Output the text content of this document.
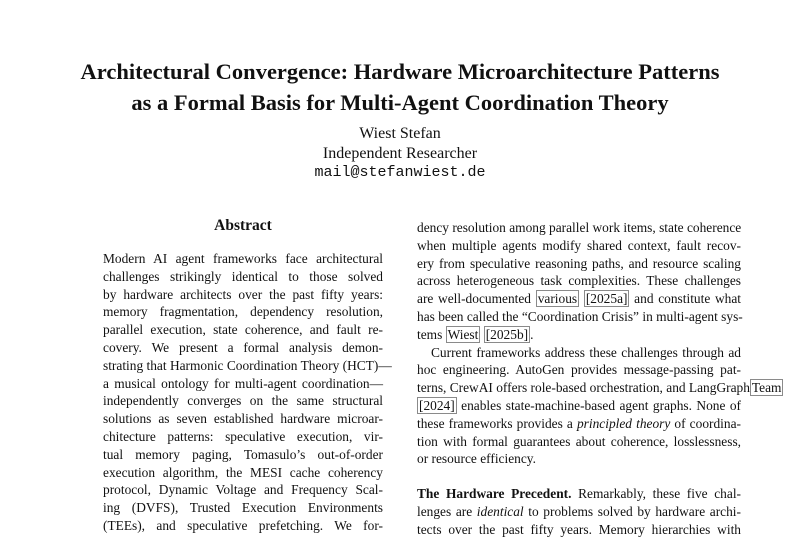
Architectural Convergence: Hardware Microarchitecture Patterns
as a Formal Basis for Multi-Agent Coordination Theory
Wiest Stefan
Independent Researcher
mail@stefanwiest.de
Abstract
Modern AI agent frameworks face architectural
challenges strikingly identical to those solved
by hardware architects over the past fifty years:
memory fragmentation, dependency resolution,
parallel execution, state coherence, and fault re-
covery. We present a formal analysis demon-
strating that Harmonic Coordination Theory (HCT)—
a musical ontology for multi-agent coordination—
independently converges on the same structural
solutions as seven established hardware microar-
chitecture patterns: speculative execution, vir-
tual memory paging, Tomasulo’s out-of-order
execution algorithm, the MESI cache coherency
protocol, Dynamic Voltage and Frequency Scal-
ing (DVFS), Trusted Execution Environments
(TEEs), and speculative prefetching. We for-
dency resolution among parallel work items, state coherence
when multiple agents modify shared context, fault recov-
ery from speculative reasoning paths, and resource scaling
across heterogeneous task complexities. These challenges
are well-documented various [2025a] and constitute what
has been called the “Coordination Crisis” in multi-agent sys-
tems Wiest [2025b] .
Current frameworks address these challenges through ad
hoc engineering. AutoGen provides message-passing pat-
terns, CrewAI offers role-based orchestration, and LangGraph Team
[2024] enables state-machine-based agent graphs. None of
these frameworks provides a principled theory of coordina-
tion with formal guarantees about coherence, losslessness,
or resource efficiency.
The Hardware Precedent. Remarkably, these five chal-
lenges are identical to problems solved by hardware archi-
tects over the past fifty years. Memory hierarchies with
